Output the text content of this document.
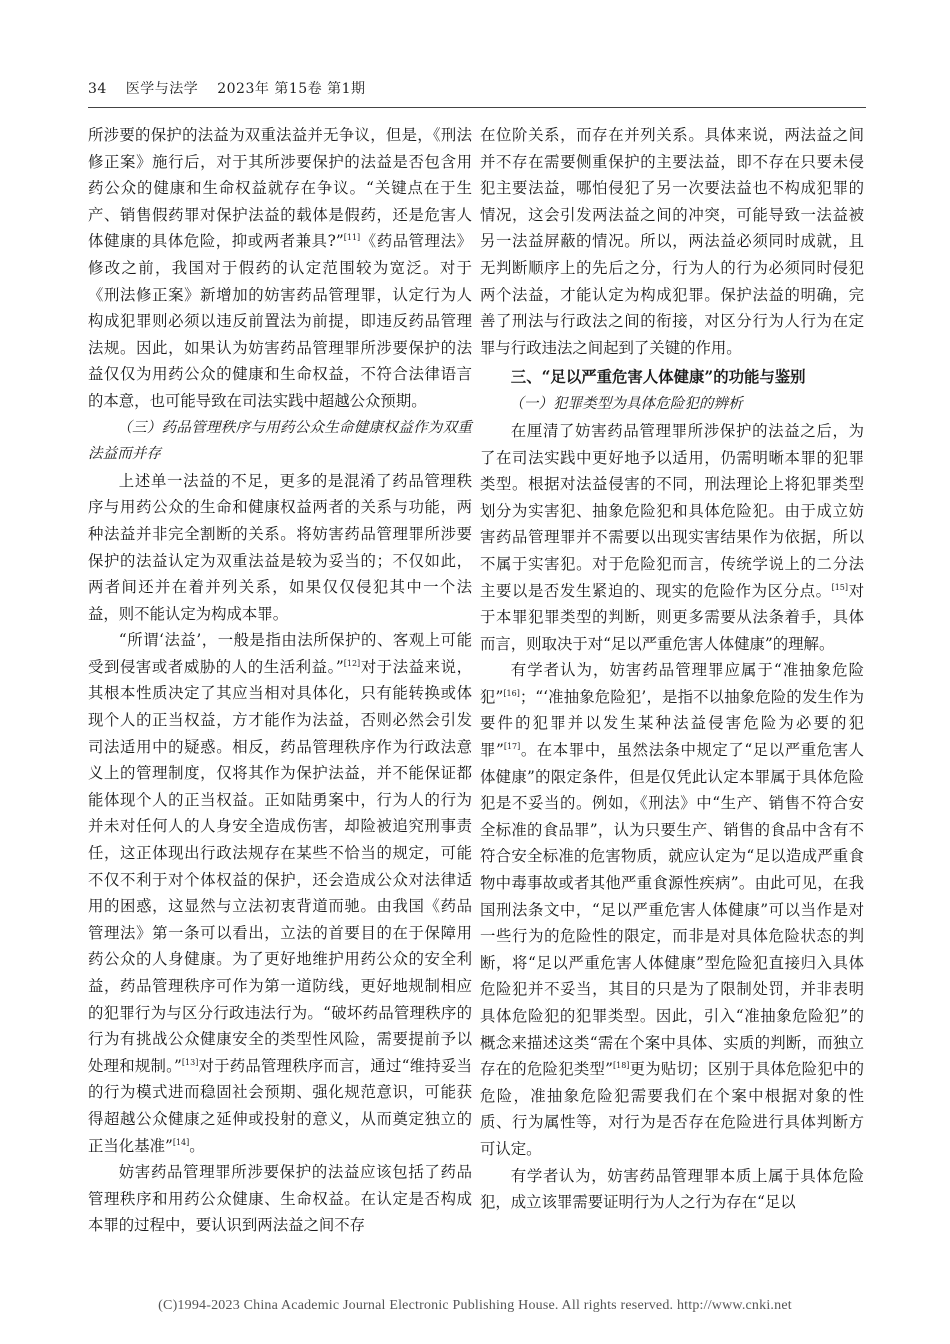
34 医学与法学 2023年 第15卷 第1期

所涉要的保护的法益为双重法益并无争议，但是，《刑法修正案》施行后，对于其所涉要保护的法益是否包含用药公众的健康和生命权益就存在争议。“关键点在于生产、销售假药罪对保护法益的载体是假药，还是危害人体健康的具体危险，抑或两者兼具?”[11]《药品管理法》修改之前，我国对于假药的认定范围较为宽泛。对于《刑法修正案》新增加的妨害药品管理罪，认定行为人构成犯罪则必须以违反前置法为前提，即违反药品管理法规。因此，如果认为妨害药品管理罪所涉要保护的法益仅仅为用药公众的健康和生命权益，不符合法律语言的本意，也可能导致在司法实践中超越公众预期。

（三）药品管理秩序与用药公众生命健康权益作为双重法益而并存

上述单一法益的不足，更多的是混淆了药品管理秩序与用药公众的生命和健康权益两者的关系与功能，两种法益并非完全割断的关系。将妨害药品管理罪所涉要保护的法益认定为双重法益是较为妥当的；不仅如此，两者间还并在着并列关系，如果仅仅侵犯其中一个法益，则不能认定为构成本罪。

“所谓‘法益’，一般是指由法所保护的、客观上可能受到侵害或者威胁的人的生活利益。”[12]对于法益来说，其根本性质决定了其应当相对具体化，只有能转换或体现个人的正当权益，方才能作为法益，否则必然会引发司法适用中的疑惑。相反，药品管理秩序作为行政法意义上的管理制度，仅将其作为保护法益，并不能保证都能体现个人的正当权益。正如陆勇案中，行为人的行为并未对任何人的人身安全造成伤害，却险被追究刑事责任，这正体现出行政法规存在某些不恰当的规定，可能不仅不利于对个体权益的保护，还会造成公众对法律适用的困惑，这显然与立法初衷背道而驰。由我国《药品管理法》第一条可以看出，立法的首要目的在于保障用药公众的人身健康。为了更好地维护用药公众的安全利益，药品管理秩序可作为第一道防线，更好地规制相应的犯罪行为与区分行政违法行为。“破坏药品管理秩序的行为有挑战公众健康安全的类型性风险，需要提前予以处理和规制。”[13]对于药品管理秩序而言，通过“维持妥当的行为模式进而稳固社会预期、强化规范意识，可能获得超越公众健康之延伸或投射的意义，从而奠定独立的正当化基准”[14]。

妨害药品管理罪所涉要保护的法益应该包括了药品管理秩序和用药公众健康、生命权益。在认定是否构成本罪的过程中，要认识到两法益之间不存

在位阶关系，而存在并列关系。具体来说，两法益之间并不存在需要侧重保护的主要法益，即不存在只要未侵犯主要法益，哪怕侵犯了另一次要法益也不构成犯罪的情况，这会引发两法益之间的冲突，可能导致一法益被另一法益屏蔽的情况。所以，两法益必须同时成就，且无判断顺序上的先后之分，行为人的行为必须同时侵犯两个法益，才能认定为构成犯罪。保护法益的明确，完善了刑法与行政法之间的衔接，对区分行为人行为在定罪与行政违法之间起到了关键的作用。

三、“足以严重危害人体健康”的功能与鉴别
（一）犯罪类型为具体危险犯的辨析

在厘清了妨害药品管理罪所涉保护的法益之后，为了在司法实践中更好地予以适用，仍需明晰本罪的犯罪类型。根据对法益侵害的不同，刑法理论上将犯罪类型划分为实害犯、抽象危险犯和具体危险犯。由于成立妨害药品管理罪并不需要以出现实害结果作为依据，所以不属于实害犯。对于危险犯而言，传统学说上的二分法主要以是否发生紧迫的、现实的危险作为区分点。[15]对于本罪犯罪类型的判断，则更多需要从法条着手，具体而言，则取决于对“足以严重危害人体健康”的理解。

有学者认为，妨害药品管理罪应属于“准抽象危险犯”[16]；“‘准抽象危险犯’，是指不以抽象危险的发生作为要件的犯罪并以发生某种法益侵害危险为必要的犯罪”[17]。在本罪中，虽然法条中规定了“足以严重危害人体健康”的限定条件，但是仅凭此认定本罪属于具体危险犯是不妥当的。例如，《刑法》中“生产、销售不符合安全标准的食品罪”，认为只要生产、销售的食品中含有不符合安全标准的危害物质，就应认定为“足以造成严重食物中毒事故或者其他严重食源性疾病”。由此可见，在我国刑法条文中，“足以严重危害人体健康”可以当作是对一些行为的危险性的限定，而非是对具体危险状态的判断，将“足以严重危害人体健康”型危险犯直接归入具体危险犯并不妥当，其目的只是为了限制处罚，并非表明具体危险犯的犯罪类型。因此，引入“准抽象危险犯”的概念来描述这类“需在个案中具体、实质的判断，而独立存在的危险犯类型”[18]更为贴切；区别于具体危险犯中的危险，准抽象危险犯需要我们在个案中根据对象的性质、行为属性等，对行为是否存在危险进行具体判断方可认定。

有学者认为，妨害药品管理罪本质上属于具体危险犯，成立该罪需要证明行为人之行为存在“足以

(C)1994-2023 China Academic Journal Electronic Publishing House. All rights reserved. http://www.cnki.net
